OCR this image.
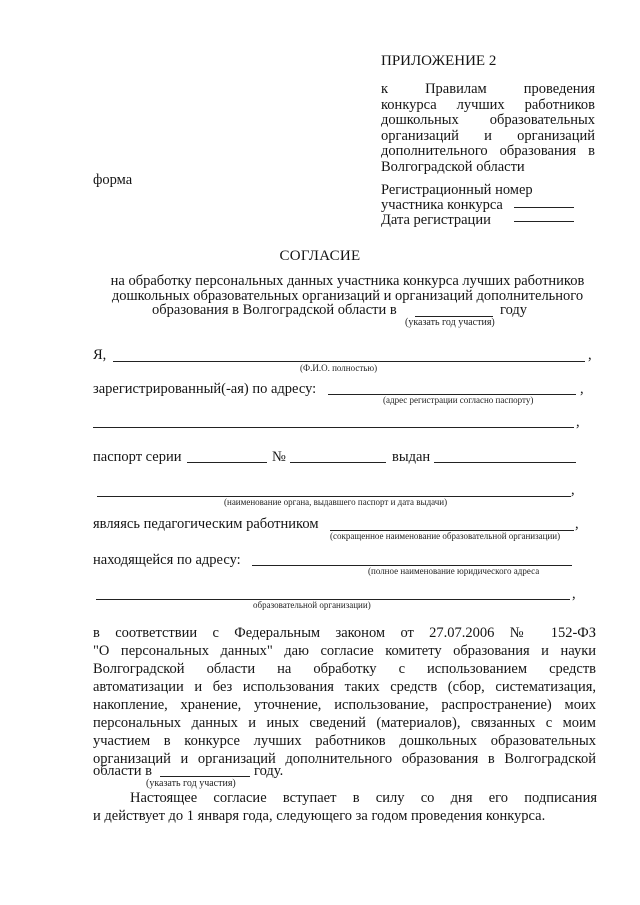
ПРИЛОЖЕНИЕ 2
к Правилам проведения
конкурса лучших работников
дошкольных образовательных
организаций и организаций
дополнительного образования в
Волгоградской области
форма
Регистрационный номер
участника конкурса
Дата регистрации
СОГЛАСИЕ
на обработку персональных данных участника конкурса лучших работников
дошкольных образовательных организаций и организаций дополнительного
образования в Волгоградской области в	году
(указать год участия)
Я,	,
(Ф.И.О. полностью)
зарегистрированный(-ая) по адресу:	,
(адрес регистрации согласно паспорту)
,
паспорт серии	№	выдан
,
(наименование органа, выдавшего паспорт и дата выдачи)
являясь педагогическим работником	,
(сокращенное наименование образовательной организации)
находящейся по адресу:
(полное наименование юридического адреса
,
образовательной организации)
в соответствии с Федеральным законом от 27.07.2006 № 152-ФЗ
"О персональных данных" даю согласие комитету образования и науки
Волгоградской области на обработку с использованием средств
автоматизации и без использования таких средств (сбор, систематизация,
накопление, хранение, уточнение, использование, распространение) моих
персональных данных и иных сведений (материалов), связанных с моим
участием в конкурсе лучших работников дошкольных образовательных
организаций и организаций дополнительного образования в Волгоградской
области в	году.
(указать год участия)
Настоящее согласие вступает в силу со дня его подписания
и действует до 1 января года, следующего за годом проведения конкурса.
